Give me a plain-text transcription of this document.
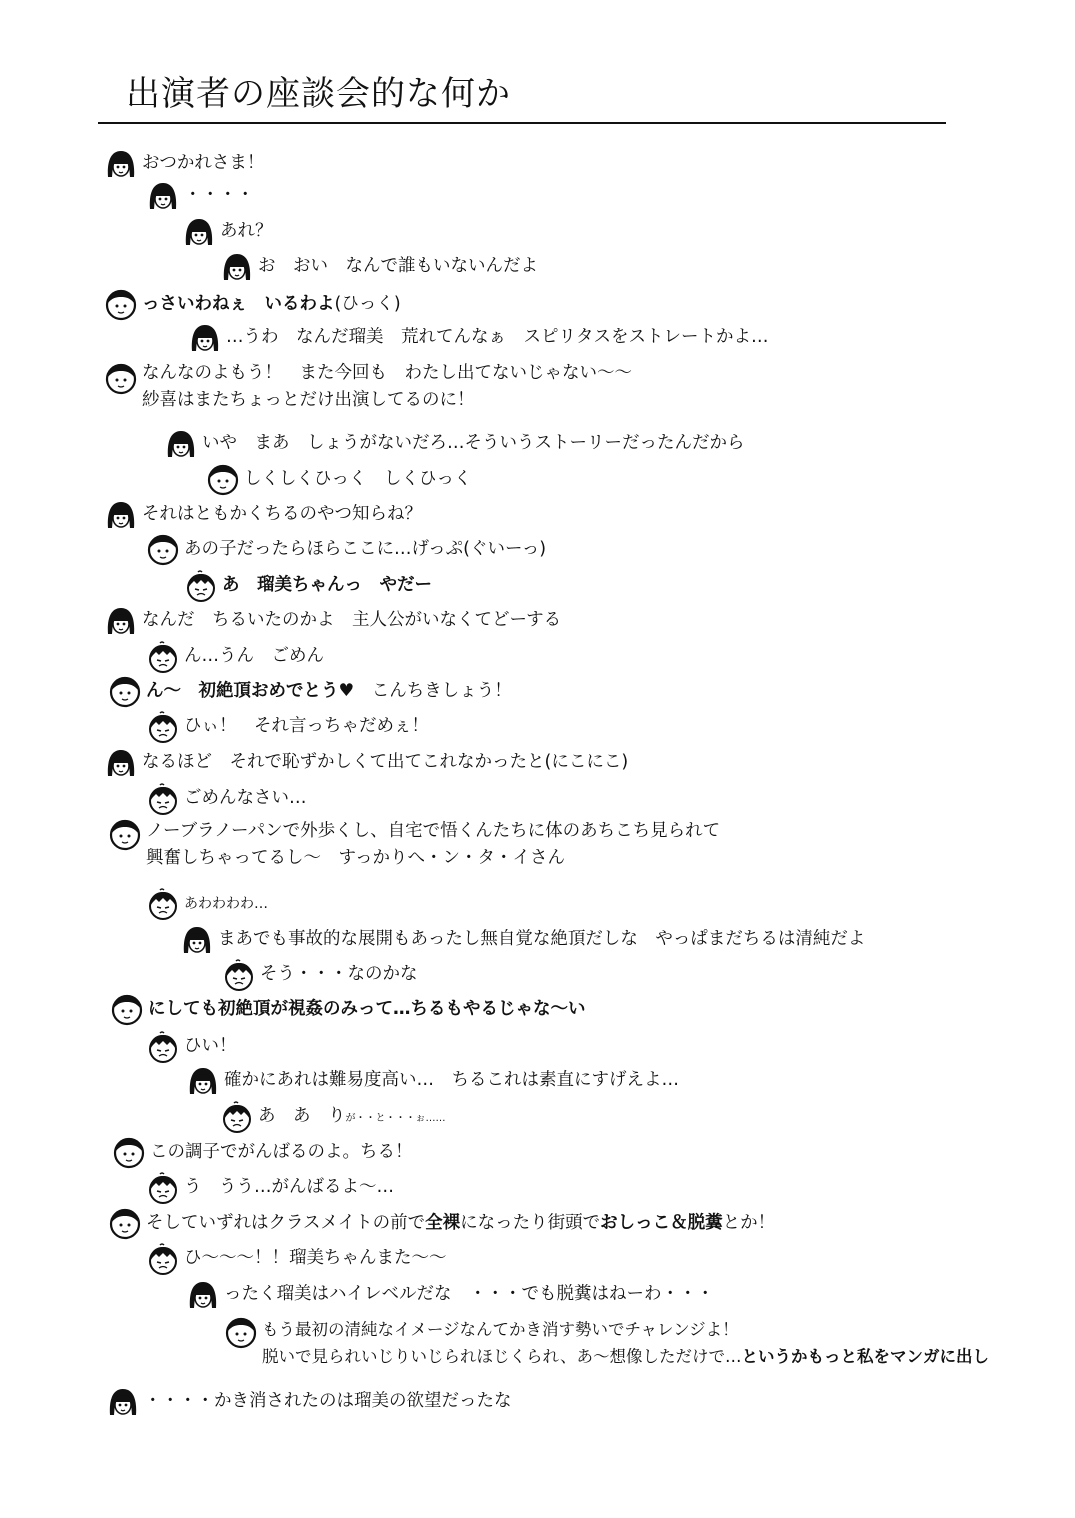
出演者の座談会的な何か
おつかれさま！
・・・・
あれ？
お　おい　なんで誰もいないんだよ
っさいわねぇ　いるわよ(ひっく)
…うわ　なんだ瑠美　荒れてんなぁ　スピリタスをストレートかよ…
なんなのよもう！　また今回も　わたし出てないじゃない～～
紗喜はまたちょっとだけ出演してるのに！
いや　まあ　しょうがないだろ…そういうストーリーだったんだから
しくしくひっく　しくひっく
それはともかくちるのやつ知らね？
あの子だったらほらここに…げっぷ(ぐいーっ)
あ　瑠美ちゃんっ　やだー
なんだ　ちるいたのかよ　主人公がいなくてどーする
ん…うん　ごめん
ん～　初絶頂おめでとう♥　こんちきしょう！
ひぃ！　それ言っちゃだめぇ！
なるほど　それで恥ずかしくて出てこれなかったと(にこにこ)
ごめんなさい…
ノーブラノーパンで外歩くし、自宅で悟くんたちに体のあちこち見られて
興奮しちゃってるし～　すっかりへ・ン・タ・イさん
あわわわわ…
まあでも事故的な展開もあったし無自覚な絶頂だしな　やっぱまだちるは清純だよ
そう・・・なのかな
にしても初絶頂が視姦のみって…ちるもやるじゃな～い
ひい！
確かにあれは難易度高い…　ちるこれは素直にすげえよ…
あ　あ　りが・・と・・・ぉ……
この調子でがんばるのよ。ちる！
う　うう…がんばるよ～…
そしていずれはクラスメイトの前で全裸になったり街頭でおしっこ＆脱糞とか！
ひ～～～！！瑠美ちゃんまた～～
ったく瑠美はハイレベルだな　・・・でも脱糞はねーわ・・・
もう最初の清純なイメージなんてかき消す勢いでチャレンジよ！
脱いで見られいじりいじられほじくられ、あ～想像しただけで…というかもっと私をマンガに出し
・・・・かき消されたのは瑠美の欲望だったな
